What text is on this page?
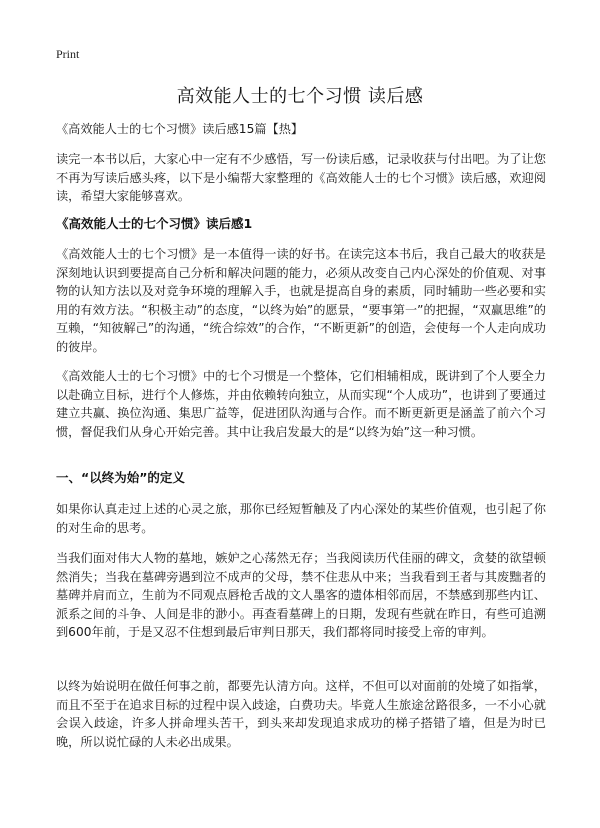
Print
高效能人士的七个习惯 读后感
《高效能人士的七个习惯》读后感15篇【热】
读完一本书以后，大家心中一定有不少感悟，写一份读后感，记录收获与付出吧。为了让您不再为写读后感头疼，以下是小编帮大家整理的《高效能人士的七个习惯》读后感，欢迎阅读，希望大家能够喜欢。
《高效能人士的七个习惯》读后感1
《高效能人士的七个习惯》是一本值得一读的好书。在读完这本书后，我自己最大的收获是深刻地认识到要提高自己分析和解决问题的能力，必须从改变自己内心深处的价值观、对事物的认知方法以及对竞争环境的理解入手，也就是提高自身的素质，同时辅助一些必要和实用的有效方法。“积极主动”的态度，“以终为始”的愿景，“要事第一”的把握，“双赢思维”的互赖，“知彼解己”的沟通，“统合综效”的合作，“不断更新”的创造，会使每一个人走向成功的彼岸。
《高效能人士的七个习惯》中的七个习惯是一个整体，它们相辅相成，既讲到了个人要全力以赴确立目标，进行个人修炼，并由依赖转向独立，从而实现“个人成功”，也讲到了要通过建立共赢、换位沟通、集思广益等，促进团队沟通与合作。而不断更新更是涵盖了前六个习惯，督促我们从身心开始完善。其中让我启发最大的是“以终为始”这一种习惯。
一、“以终为始”的定义
如果你认真走过上述的心灵之旅，那你已经短暂触及了内心深处的某些价值观，也引起了你的对生命的思考。
当我们面对伟大人物的墓地，嫉妒之心荡然无存；当我阅读历代佳丽的碑文，贪婪的欲望顿然消失；当我在墓碑旁遇到泣不成声的父母，禁不住悲从中来；当我看到王者与其废黜者的墓碑并肩而立，生前为不同观点唇枪舌战的文人墨客的遗体相邻而居，不禁感到那些内讧、派系之间的斗争、人间是非的渺小。再查看墓碑上的日期，发现有些就在昨日，有些可追溯到600年前，于是又忍不住想到最后审判日那天，我们都将同时接受上帝的审判。
以终为始说明在做任何事之前，都要先认清方向。这样，不但可以对面前的处境了如指掌，而且不至于在追求目标的过程中误入歧途，白费功夫。毕竟人生旅途岔路很多，一不小心就会误入歧途，许多人拼命埋头苦干，到头来却发现追求成功的梯子搭错了墙，但是为时已晚，所以说忙碌的人未必出成果。
